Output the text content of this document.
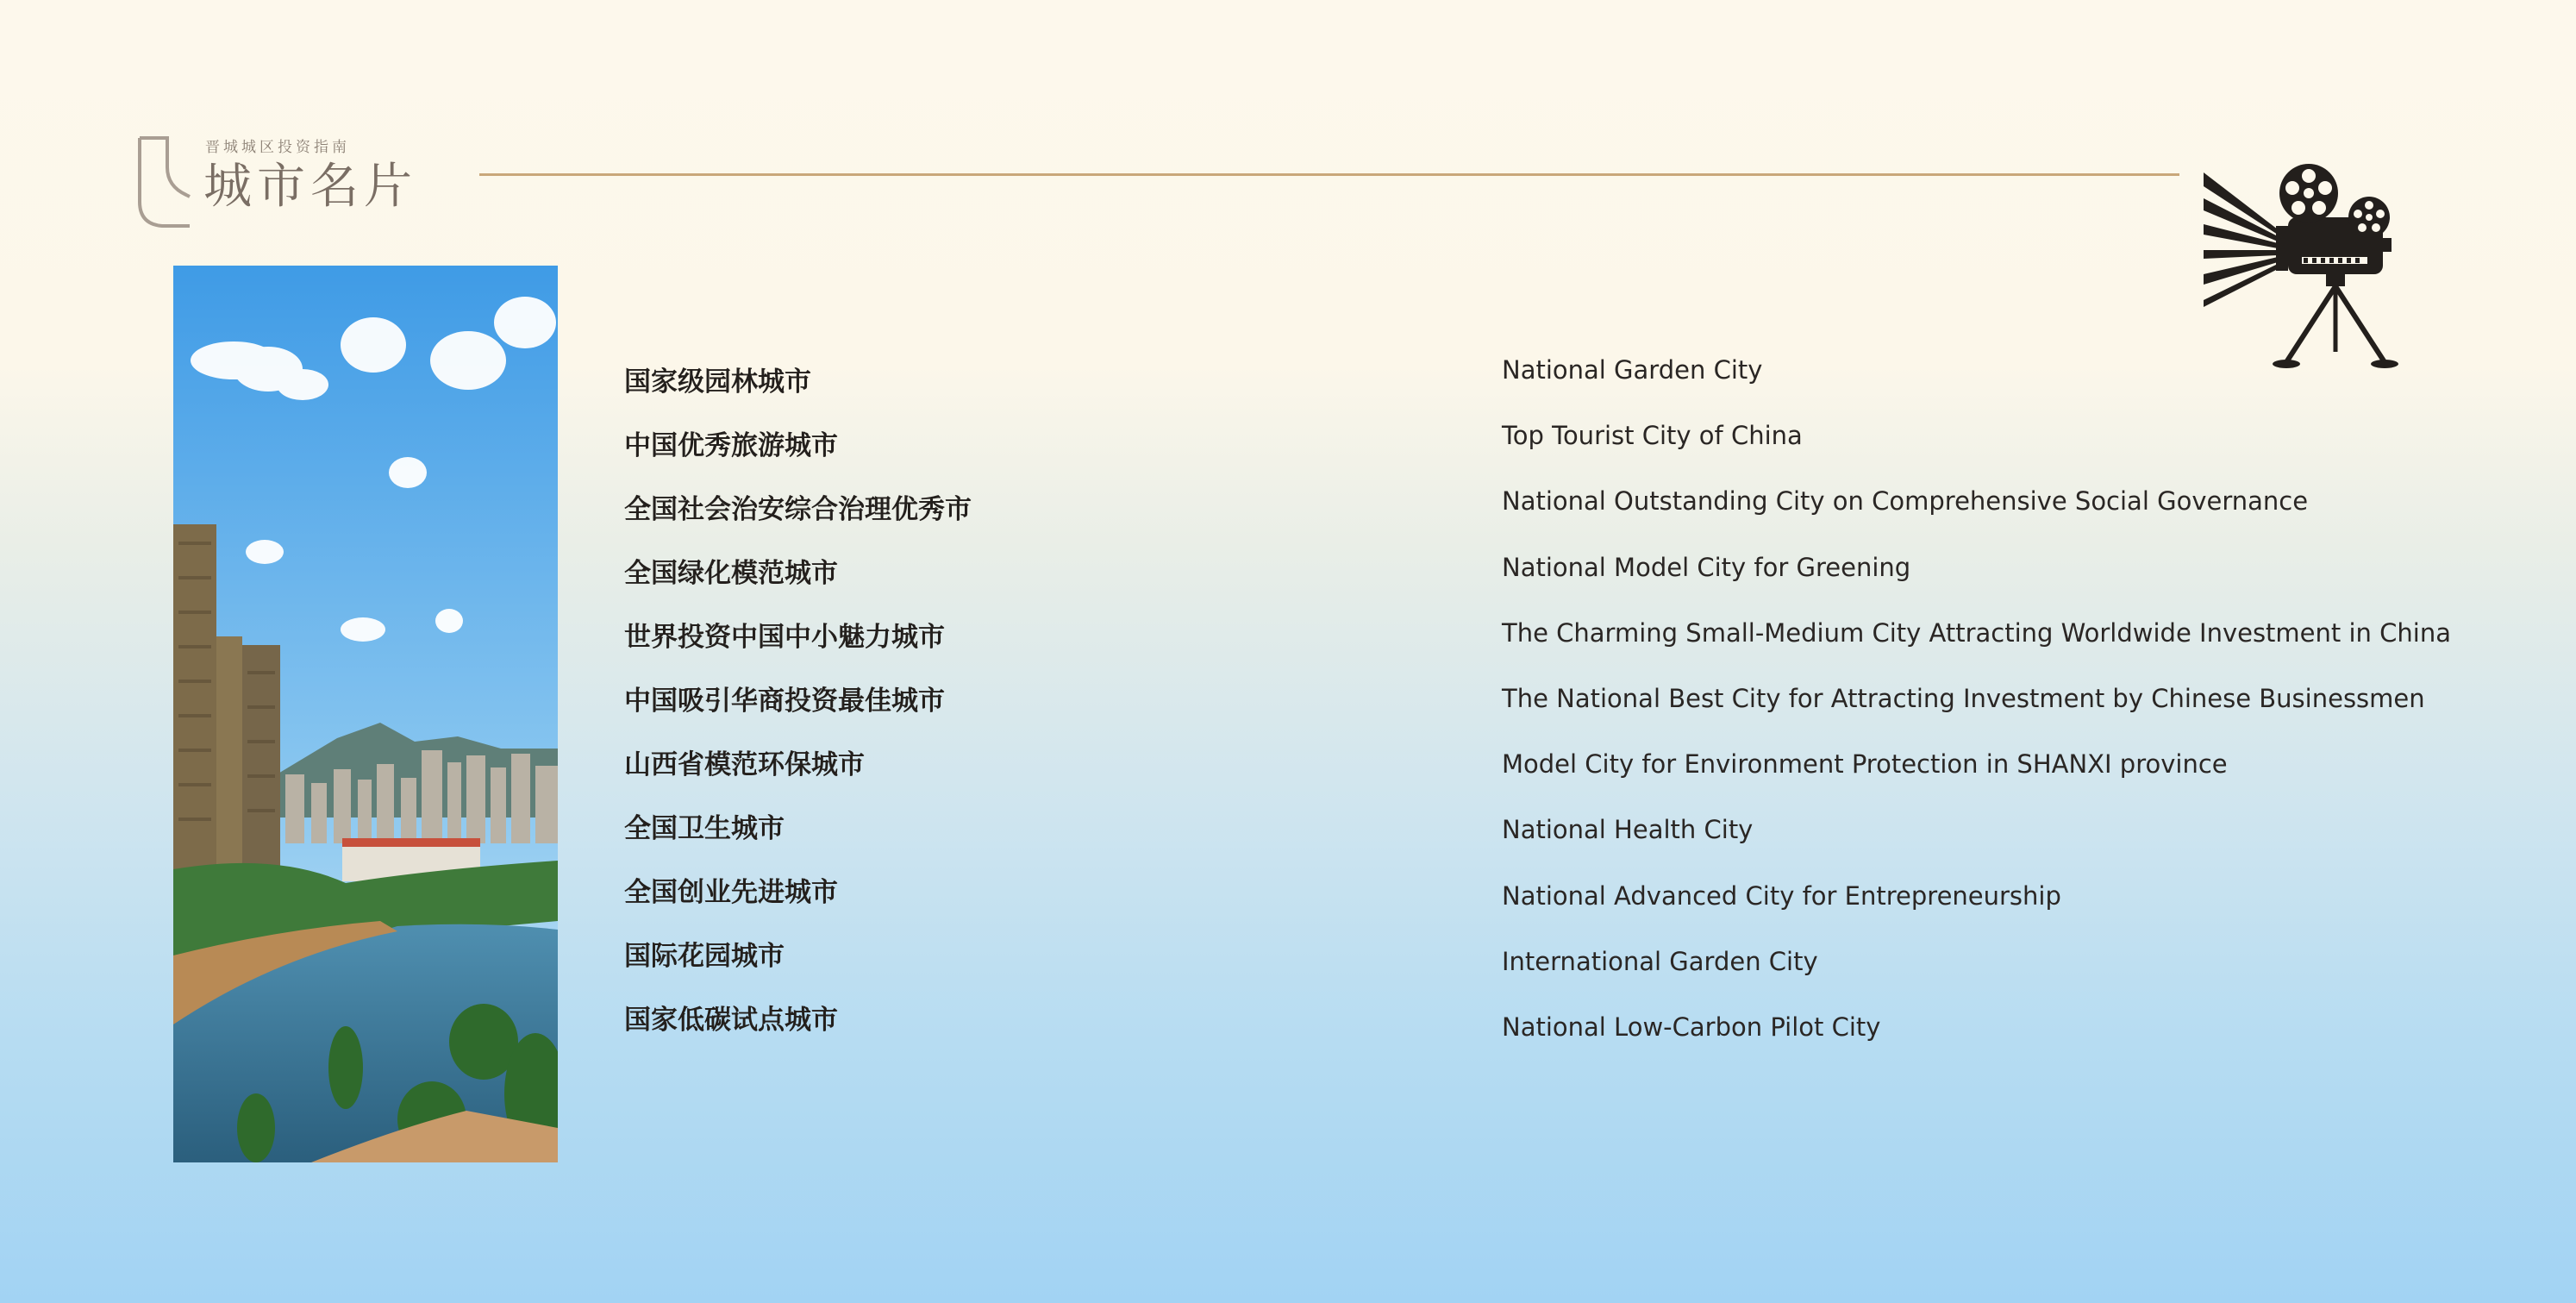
晋城城区投资指南
城市名片
国家级园林城市
中国优秀旅游城市
全国社会治安综合治理优秀市
全国绿化模范城市
世界投资中国中小魅力城市
中国吸引华商投资最佳城市
山西省模范环保城市
全国卫生城市
全国创业先进城市
国际花园城市
国家低碳试点城市
National Garden City
Top Tourist City of China
National Outstanding City on Comprehensive Social Governance
National Model City for Greening
The Charming Small-Medium City Attracting Worldwide Investment in China
The National Best City for Attracting Investment by Chinese Businessmen
Model City for Environment Protection in SHANXI province
National Health City
National Advanced City for Entrepreneurship
International Garden City
National Low-Carbon Pilot City
